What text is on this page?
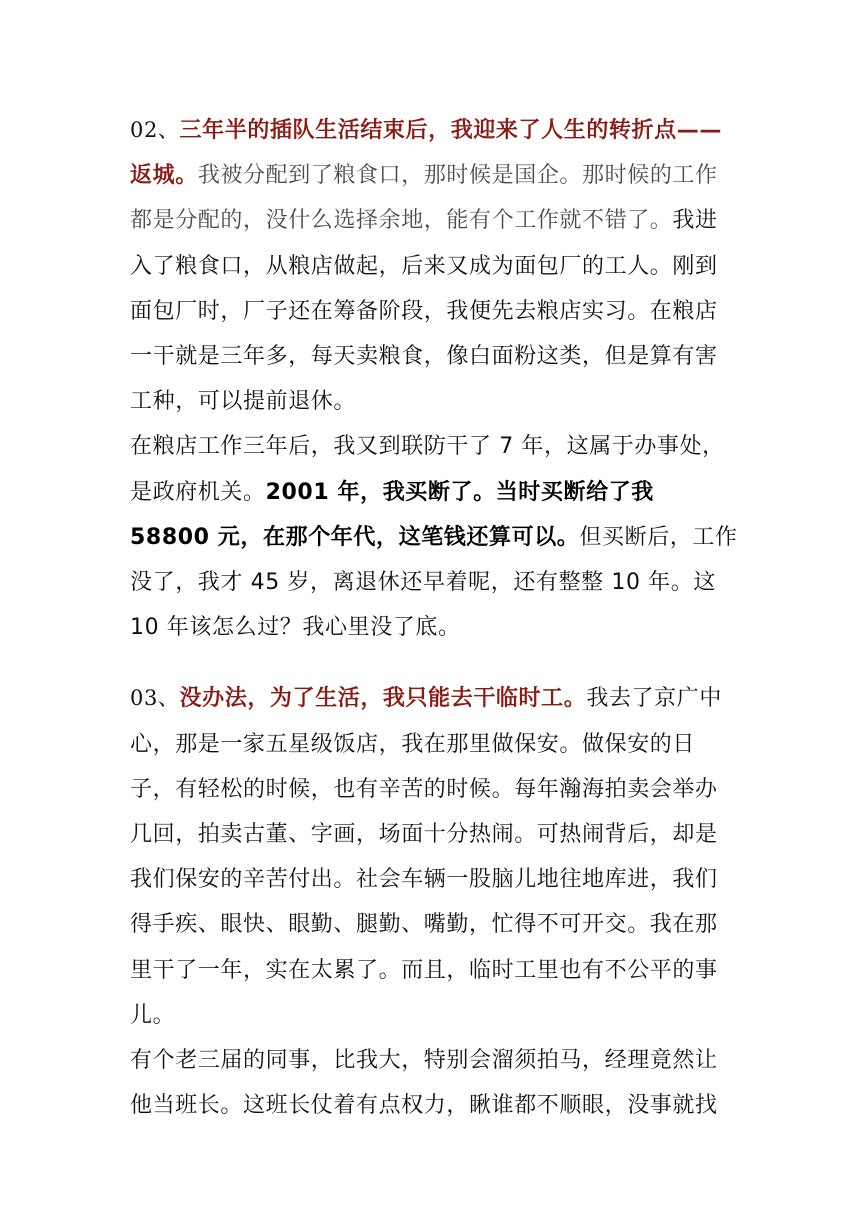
02、三年半的插队生活结束后，我迎来了人生的转折点——返城。我被分配到了粮食口，那时候是国企。那时候的工作都是分配的，没什么选择余地，能有个工作就不错了。我进入了粮食口，从粮店做起，后来又成为面包厂的工人。刚到面包厂时，厂子还在筹备阶段，我便先去粮店实习。在粮店一干就是三年多，每天卖粮食，像白面粉这类，但是算有害工种，可以提前退休。

在粮店工作三年后，我又到联防干了 7 年，这属于办事处，是政府机关。2001 年，我买断了。当时买断给了我 58800 元，在那个年代，这笔钱还算可以。但买断后，工作没了，我才 45 岁，离退休还早着呢，还有整整 10 年。这 10 年该怎么过？我心里没了底。

03、没办法，为了生活，我只能去干临时工。我去了京广中心，那是一家五星级饭店，我在那里做保安。做保安的日子，有轻松的时候，也有辛苦的时候。每年瀚海拍卖会举办几回，拍卖古董、字画，场面十分热闹。可热闹背后，却是我们保安的辛苦付出。社会车辆一股脑儿地往地库进，我们得手疾、眼快、眼勤、腿勤、嘴勤，忙得不可开交。我在那里干了一年，实在太累了。而且，临时工里也有不公平的事儿。

有个老三届的同事，比我大，特别会溜须拍马，经理竟然让他当班长。这班长仗着有点权力，瞅谁都不顺眼，没事就找
